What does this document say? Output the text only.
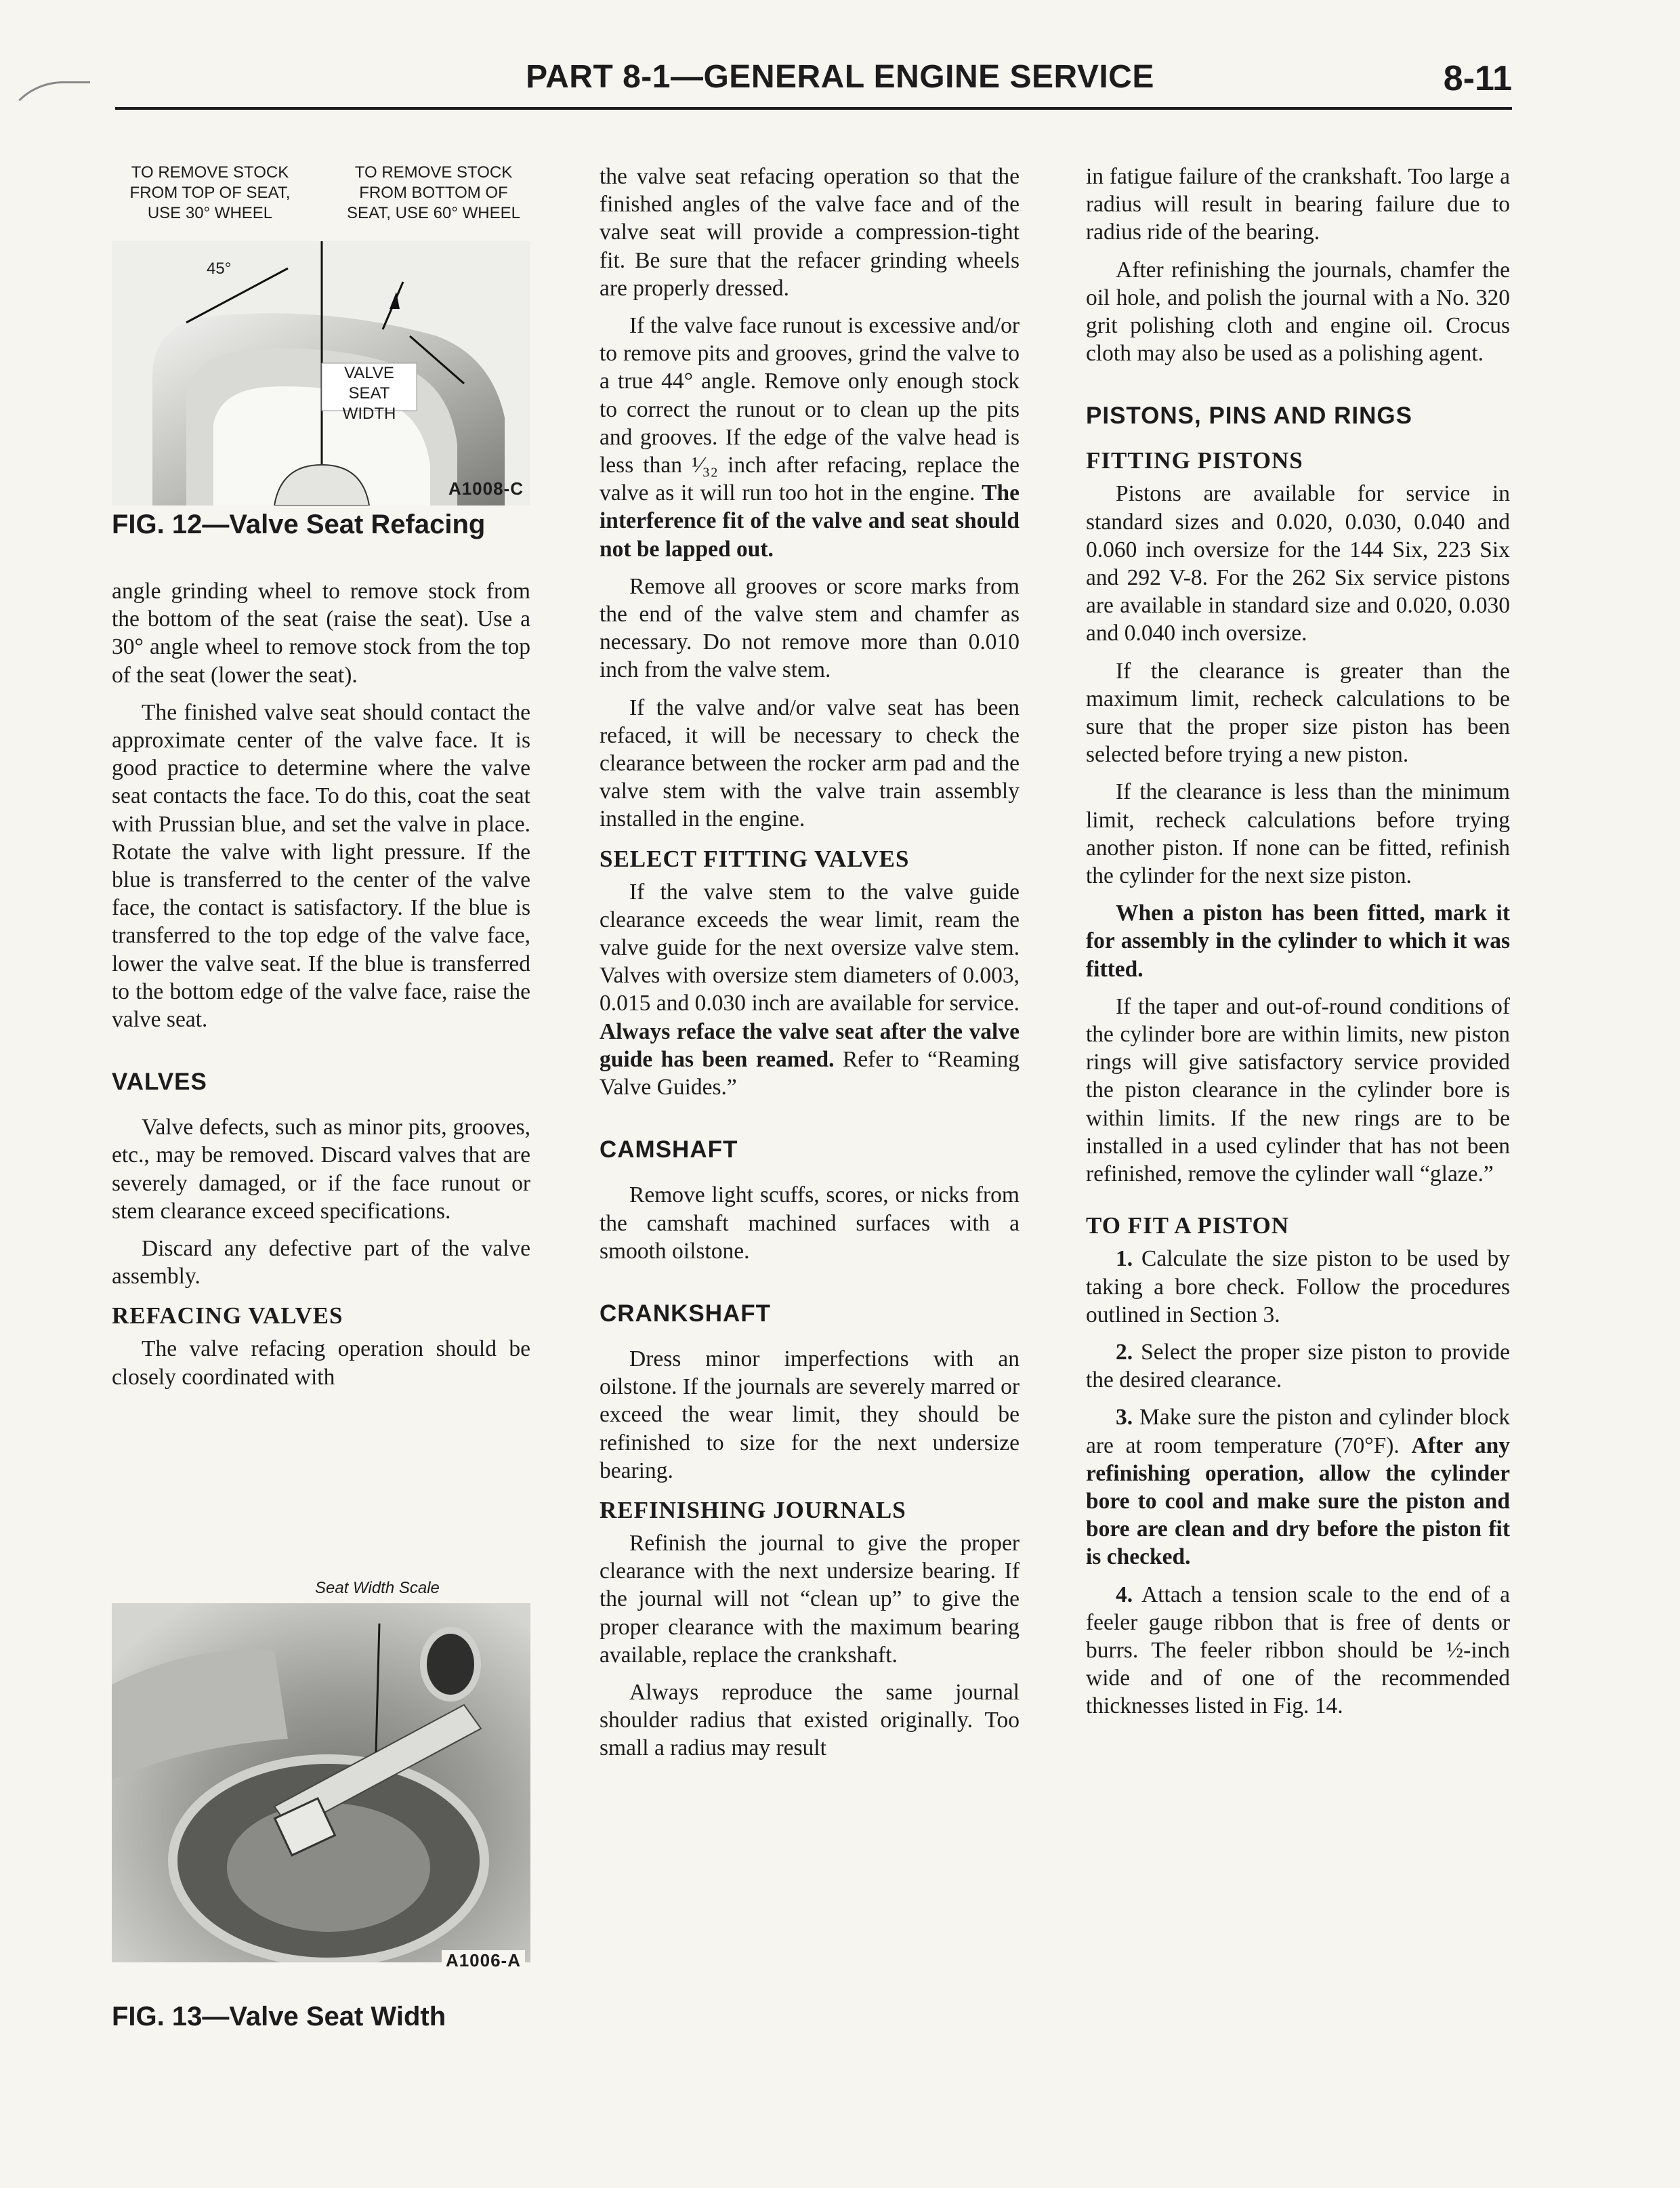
PART 8-1—GENERAL ENGINE SERVICE	8-11
TO REMOVE STOCK FROM TOP OF SEAT, USE 30° WHEEL
TO REMOVE STOCK FROM BOTTOM OF SEAT, USE 60° WHEEL
45°
VALVE SEAT WIDTH
A1008-C
FIG. 12—Valve Seat Refacing

angle grinding wheel to remove stock from the bottom of the seat (raise the seat). Use a 30° angle wheel to remove stock from the top of the seat (lower the seat).

The finished valve seat should contact the approximate center of the valve face. It is good practice to determine where the valve seat contacts the face. To do this, coat the seat with Prussian blue, and set the valve in place. Rotate the valve with light pressure. If the blue is transferred to the center of the valve face, the contact is satisfactory. If the blue is transferred to the top edge of the valve face, lower the valve seat. If the blue is transferred to the bottom edge of the valve face, raise the valve seat.

VALVES

Valve defects, such as minor pits, grooves, etc., may be removed. Discard valves that are severely damaged, or if the face runout or stem clearance exceed specifications.

Discard any defective part of the valve assembly.

REFACING VALVES

The valve refacing operation should be closely coordinated with

Seat Width Scale
A1006-A
FIG. 13—Valve Seat Width

the valve seat refacing operation so that the finished angles of the valve face and of the valve seat will provide a compression-tight fit. Be sure that the refacer grinding wheels are properly dressed.

If the valve face runout is excessive and/or to remove pits and grooves, grind the valve to a true 44° angle. Remove only enough stock to correct the runout or to clean up the pits and grooves. If the edge of the valve head is less than ¹⁄₃₂ inch after refacing, replace the valve as it will run too hot in the engine. The interference fit of the valve and seat should not be lapped out.

Remove all grooves or score marks from the end of the valve stem and chamfer as necessary. Do not remove more than 0.010 inch from the valve stem.

If the valve and/or valve seat has been refaced, it will be necessary to check the clearance between the rocker arm pad and the valve stem with the valve train assembly installed in the engine.

SELECT FITTING VALVES

If the valve stem to the valve guide clearance exceeds the wear limit, ream the valve guide for the next oversize valve stem. Valves with oversize stem diameters of 0.003, 0.015 and 0.030 inch are available for service. Always reface the valve seat after the valve guide has been reamed. Refer to “Reaming Valve Guides.”

CAMSHAFT

Remove light scuffs, scores, or nicks from the camshaft machined surfaces with a smooth oilstone.

CRANKSHAFT

Dress minor imperfections with an oilstone. If the journals are severely marred or exceed the wear limit, they should be refinished to size for the next undersize bearing.

REFINISHING JOURNALS

Refinish the journal to give the proper clearance with the next undersize bearing. If the journal will not “clean up” to give the proper clearance with the maximum bearing available, replace the crankshaft.

Always reproduce the same journal shoulder radius that existed originally. Too small a radius may result

in fatigue failure of the crankshaft. Too large a radius will result in bearing failure due to radius ride of the bearing.

After refinishing the journals, chamfer the oil hole, and polish the journal with a No. 320 grit polishing cloth and engine oil. Crocus cloth may also be used as a polishing agent.

PISTONS, PINS AND RINGS
FITTING PISTONS

Pistons are available for service in standard sizes and 0.020, 0.030, 0.040 and 0.060 inch oversize for the 144 Six, 223 Six and 292 V-8. For the 262 Six service pistons are available in standard size and 0.020, 0.030 and 0.040 inch oversize.

If the clearance is greater than the maximum limit, recheck calculations to be sure that the proper size piston has been selected before trying a new piston.

If the clearance is less than the minimum limit, recheck calculations before trying another piston. If none can be fitted, refinish the cylinder for the next size piston.

When a piston has been fitted, mark it for assembly in the cylinder to which it was fitted.

If the taper and out-of-round conditions of the cylinder bore are within limits, new piston rings will give satisfactory service provided the piston clearance in the cylinder bore is within limits. If the new rings are to be installed in a used cylinder that has not been refinished, remove the cylinder wall “glaze.”

TO FIT A PISTON

1. Calculate the size piston to be used by taking a bore check. Follow the procedures outlined in Section 3.

2. Select the proper size piston to provide the desired clearance.

3. Make sure the piston and cylinder block are at room temperature (70°F). After any refinishing operation, allow the cylinder bore to cool and make sure the piston and bore are clean and dry before the piston fit is checked.

4. Attach a tension scale to the end of a feeler gauge ribbon that is free of dents or burrs. The feeler ribbon should be ½-inch wide and of one of the recommended thicknesses listed in Fig. 14.
